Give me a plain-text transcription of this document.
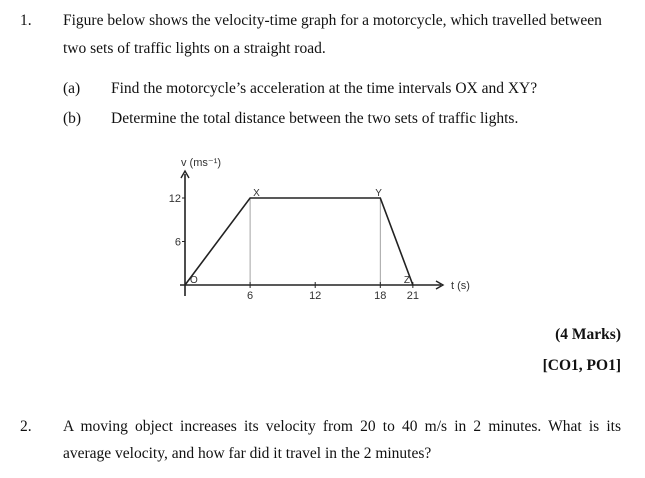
1. Figure below shows the velocity-time graph for a motorcycle, which travelled between
two sets of traffic lights on a straight road.
(a) Find the motorcycle’s acceleration at the time intervals OX and XY?
(b) Determine the total distance between the two sets of traffic lights.
v (ms⁻¹)
t (s)
12
6
6	12	18 21
O
X	Y
Z
(4 Marks)
[CO1, PO1]
2. A moving object increases its velocity from 20 to 40 m/s in 2 minutes. What is its
average velocity, and how far did it travel in the 2 minutes?
